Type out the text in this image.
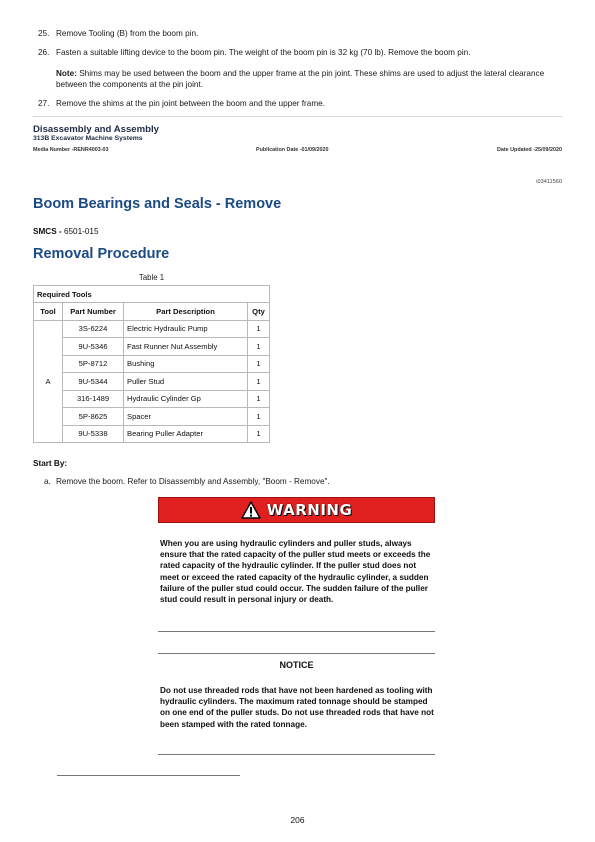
25. Remove Tooling (B) from the boom pin.
26. Fasten a suitable lifting device to the boom pin. The weight of the boom pin is 32 kg (70 lb). Remove the boom pin.
Note: Shims may be used between the boom and the upper frame at the pin joint. These shims are used to adjust the lateral clearance between the components at the pin joint.
27. Remove the shims at the pin joint between the boom and the upper frame.
Disassembly and Assembly
313B Excavator Machine Systems
Media Number -RENR4003-03	Publication Date -01/09/2020	Date Updated -25/09/2020
i03411560
Boom Bearings and Seals - Remove
SMCS - 6501-015
Removal Procedure
Table 1
Required Tools			
Tool	Part Number	Part Description	Qty
A	3S-6224	Electric Hydraulic Pump	1
	9U-5346	Fast Runner Nut Assembly	1
	5P-8712	Bushing	1
	9U-5344	Puller Stud	1
	316-1489	Hydraulic Cylinder Gp	1
	5P-8625	Spacer	1
	9U-5338	Bearing Puller Adapter	1
Start By:
a. Remove the boom. Refer to Disassembly and Assembly, "Boom - Remove".
WARNING
When you are using hydraulic cylinders and puller studs, always ensure that the rated capacity of the puller stud meets or exceeds the rated capacity of the hydraulic cylinder. If the puller stud does not meet or exceed the rated capacity of the hydraulic cylinder, a sudden failure of the puller stud could occur. The sudden failure of the puller stud could result in personal injury or death.
NOTICE
Do not use threaded rods that have not been hardened as tooling with hydraulic cylinders. The maximum rated tonnage should be stamped on one end of the puller studs. Do not use threaded rods that have not been stamped with the rated tonnage.
206
